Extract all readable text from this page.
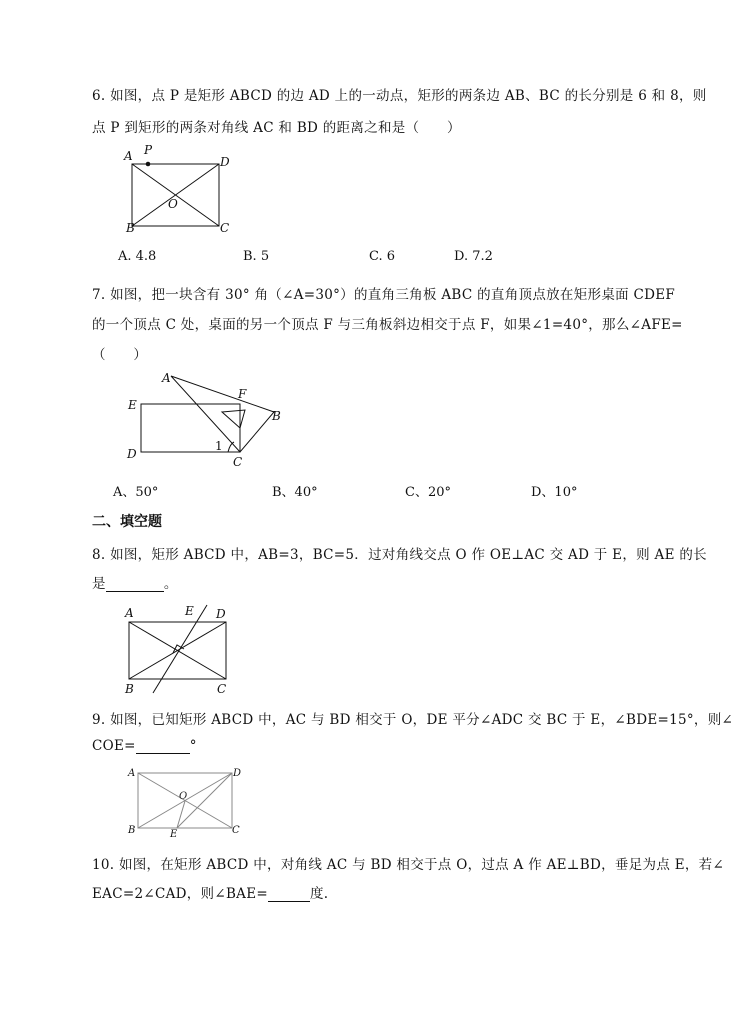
6. 如图，点 P 是矩形 ABCD 的边 AD 上的一动点，矩形的两条边 AB、BC 的长分别是 6 和 8，则
点 P 到矩形的两条对角线 AC 和 BD 的距离之和是（　　）
A P
D
O
B	C
A. 4.8	B. 5	C. 6	D. 7.2
7. 如图，把一块含有 30° 角（∠A=30°）的直角三角板 ABC 的直角顶点放在矩形桌面 CDEF
的一个顶点 C 处，桌面的另一个顶点 F 与三角板斜边相交于点 F，如果∠1=40°，那么∠AFE=
（　　）
A
F
E
B
D
C
1
A、50°	B、40°	C、20°	D、10°
二、填空题
8. 如图，矩形 ABCD 中，AB=3，BC=5．过对角线交点 O 作 OE⊥AC 交 AD 于 E，则 AE 的长
是	。
A	E D
B	C
9. 如图，已知矩形 ABCD 中，AC 与 BD 相交于 O，DE 平分∠ADC 交 BC 于 E，∠BDE=15°，则∠
COE=	°
A	D
O
B	E	C
10. 如图，在矩形 ABCD 中，对角线 AC 与 BD 相交于点 O，过点 A 作 AE⊥BD，垂足为点 E，若∠
EAC=2∠CAD，则∠BAE=	度.
